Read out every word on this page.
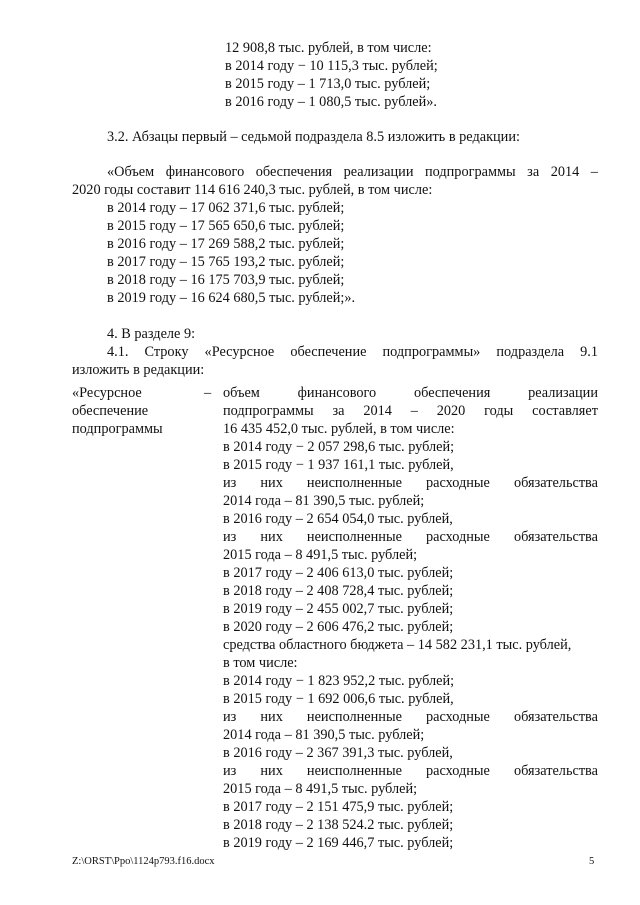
12 908,8 тыс. рублей, в том числе:
в 2014 году − 10 115,3 тыс. рублей;
в 2015 году – 1 713,0 тыс. рублей;
в 2016 году – 1 080,5 тыс. рублей».
3.2. Абзацы первый – седьмой подраздела 8.5 изложить в редакции:
«Объем финансового обеспечения реализации подпрограммы за 2014 –
2020 годы составит 114 616 240,3 тыс. рублей, в том числе:
в 2014 году – 17 062 371,6 тыс. рублей;
в 2015 году – 17 565 650,6 тыс. рублей;
в 2016 году – 17 269 588,2 тыс. рублей;
в 2017 году – 15 765 193,2 тыс. рублей;
в 2018 году – 16 175 703,9 тыс. рублей;
в 2019 году – 16 624 680,5 тыс. рублей;».
4. В разделе 9:
4.1. Строку «Ресурсное обеспечение подпрограммы» подраздела 9.1
изложить в редакции:
«Ресурсное
обеспечение
подпрограммы
– объем	финансового	обеспечения	реализации
подпрограммы за 2014 – 2020 годы составляет
16 435 452,0 тыс. рублей, в том числе:
в 2014 году − 2 057 298,6 тыс. рублей;
в 2015 году − 1 937 161,1 тыс. рублей,
из них неисполненные расходные обязательства
2014 года – 81 390,5 тыс. рублей;
в 2016 году – 2 654 054,0 тыс. рублей,
из них неисполненные расходные обязательства
2015 года – 8 491,5 тыс. рублей;
в 2017 году – 2 406 613,0 тыс. рублей;
в 2018 году – 2 408 728,4 тыс. рублей;
в 2019 году – 2 455 002,7 тыс. рублей;
в 2020 году – 2 606 476,2 тыс. рублей;
средства областного бюджета – 14 582 231,1 тыс. рублей,
в том числе:
в 2014 году − 1 823 952,2 тыс. рублей;
в 2015 году − 1 692 006,6 тыс. рублей,
из них неисполненные расходные обязательства
2014 года – 81 390,5 тыс. рублей;
в 2016 году – 2 367 391,3 тыс. рублей,
из них неисполненные расходные обязательства
2015 года – 8 491,5 тыс. рублей;
в 2017 году – 2 151 475,9 тыс. рублей;
в 2018 году – 2 138 524.2 тыс. рублей;
в 2019 году – 2 169 446,7 тыс. рублей;
Z:\ORST\Ppo\1124p793.f16.docx	5
